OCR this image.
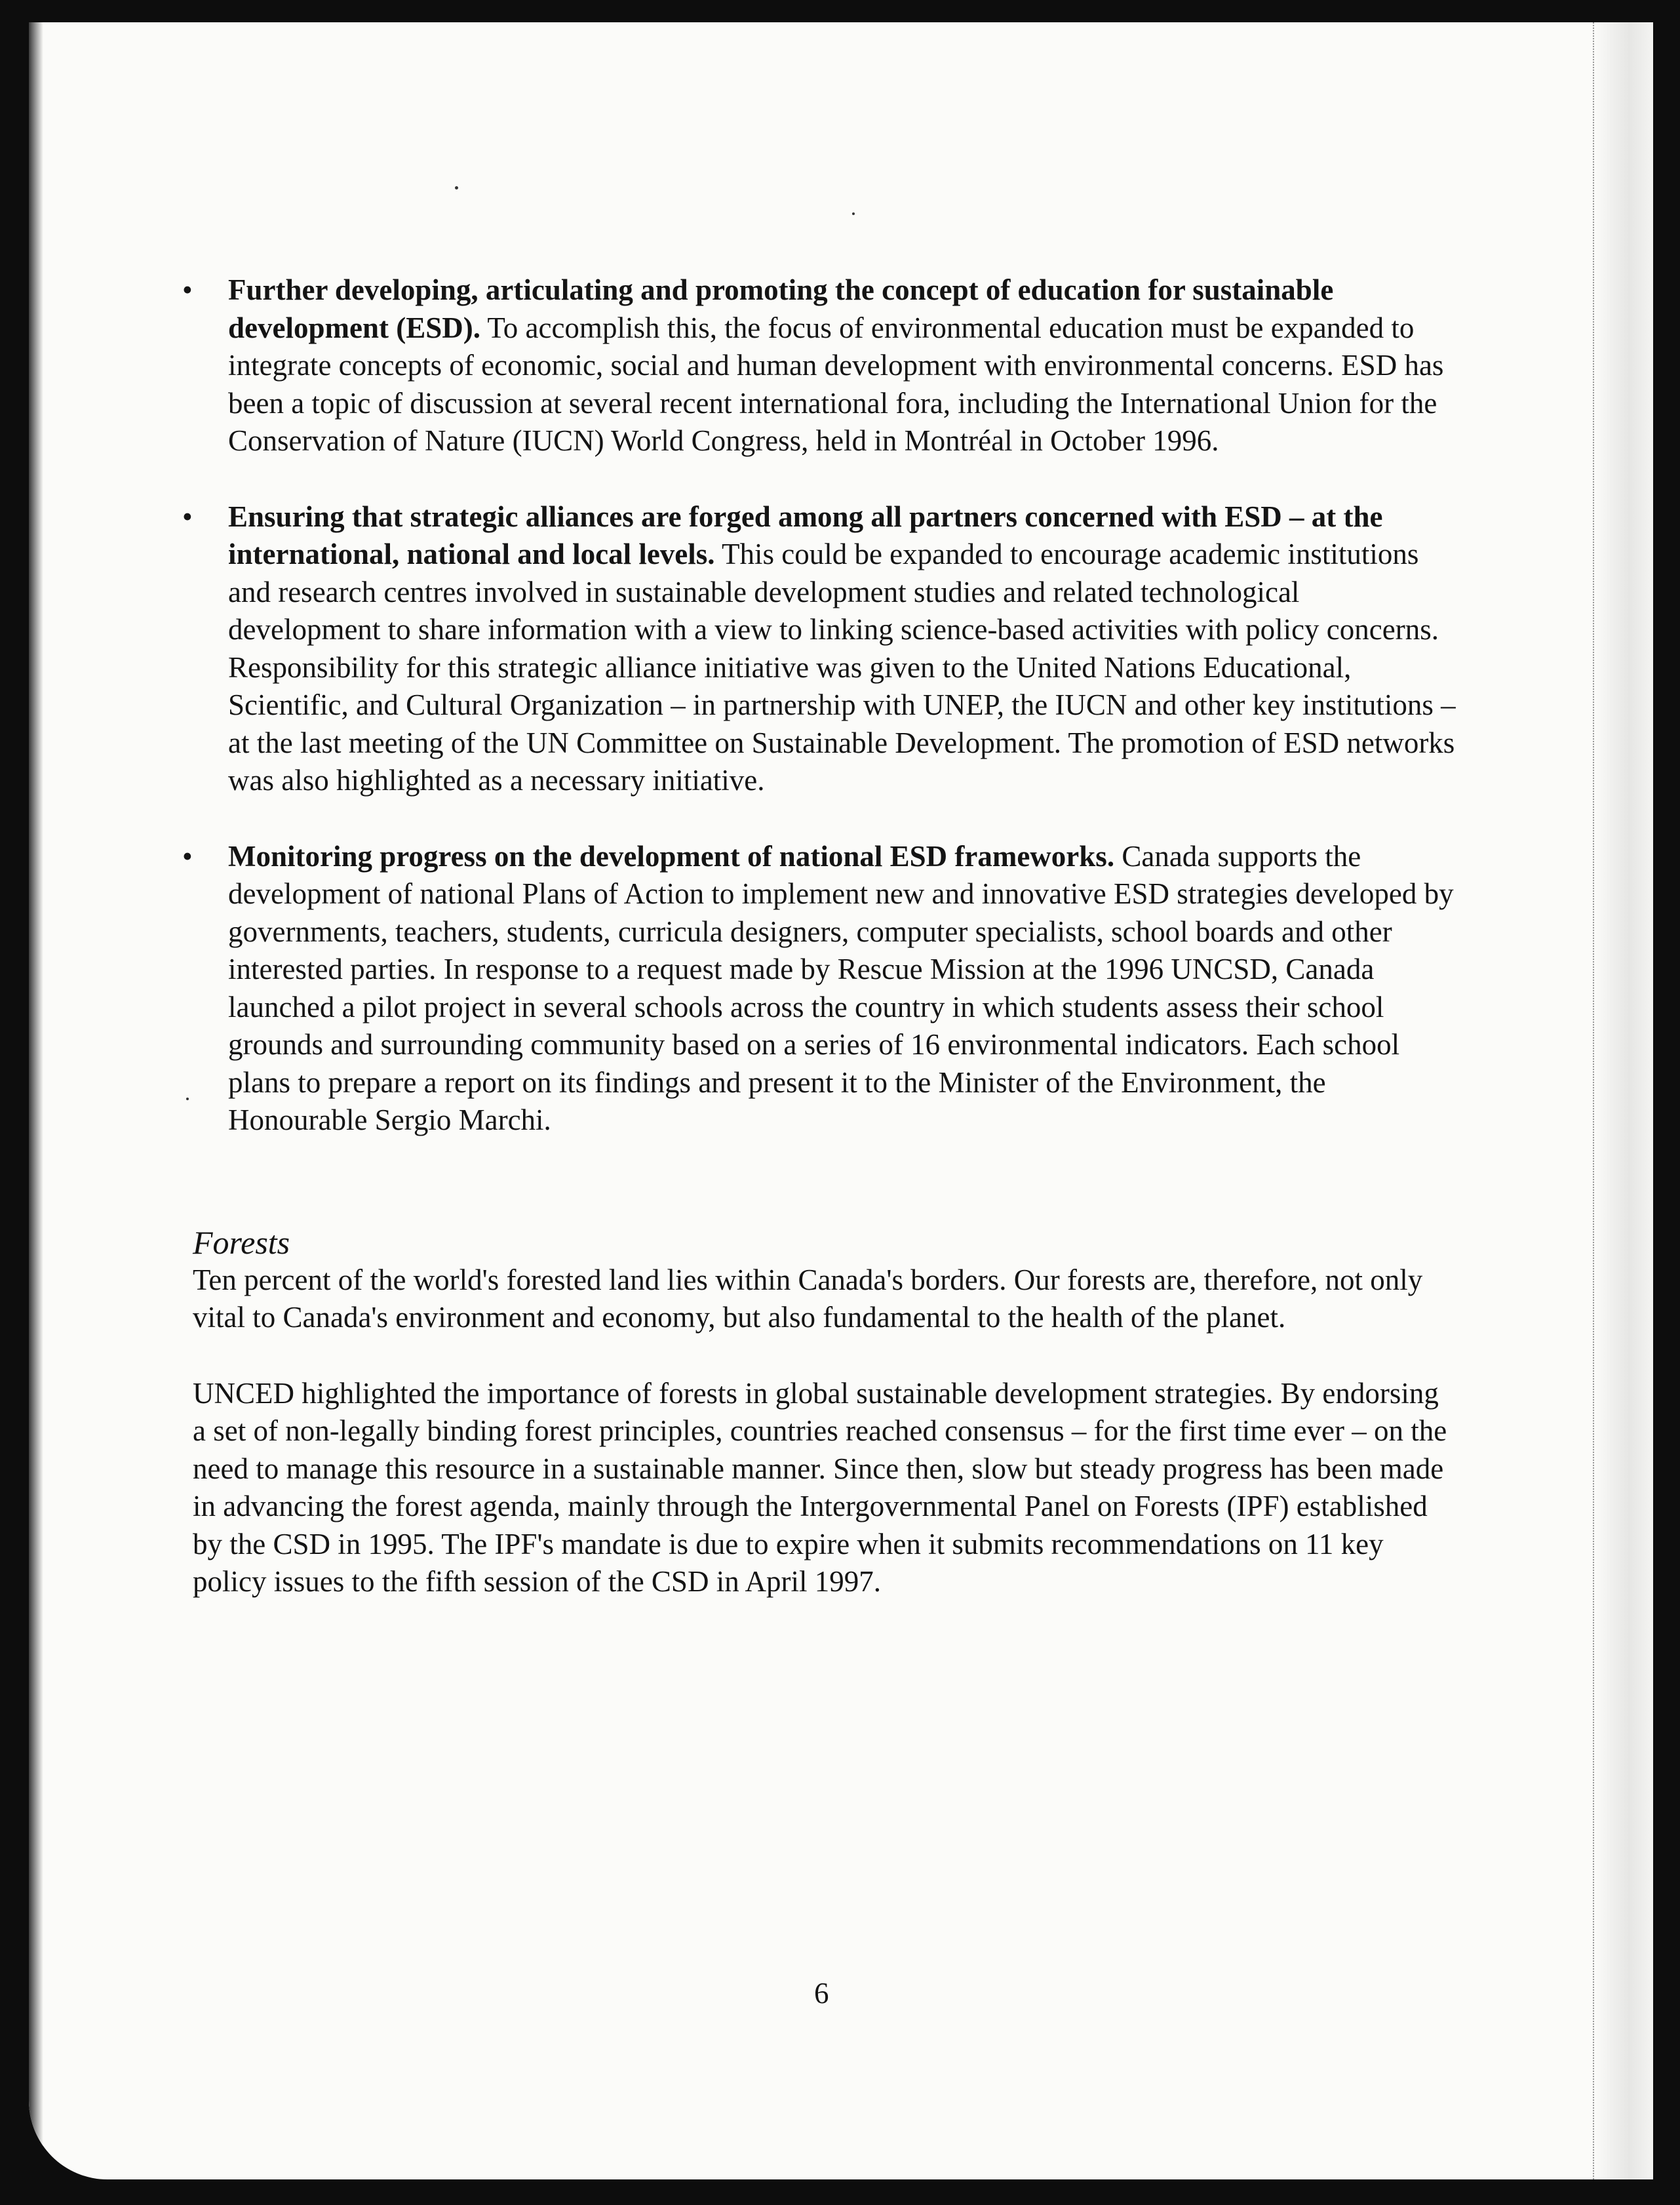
• Further developing, articulating and promoting the concept of education for sustainable development (ESD). To accomplish this, the focus of environmental education must be expanded to integrate concepts of economic, social and human development with environmental concerns. ESD has been a topic of discussion at several recent international fora, including the International Union for the Conservation of Nature (IUCN) World Congress, held in Montréal in October 1996.
• Ensuring that strategic alliances are forged among all partners concerned with ESD – at the international, national and local levels. This could be expanded to encourage academic institutions and research centres involved in sustainable development studies and related technological development to share information with a view to linking science-based activities with policy concerns. Responsibility for this strategic alliance initiative was given to the United Nations Educational, Scientific, and Cultural Organization – in partnership with UNEP, the IUCN and other key institutions – at the last meeting of the UN Committee on Sustainable Development. The promotion of ESD networks was also highlighted as a necessary initiative.
• Monitoring progress on the development of national ESD frameworks. Canada supports the development of national Plans of Action to implement new and innovative ESD strategies developed by governments, teachers, students, curricula designers, computer specialists, school boards and other interested parties. In response to a request made by Rescue Mission at the 1996 UNCSD, Canada launched a pilot project in several schools across the country in which students assess their school grounds and surrounding community based on a series of 16 environmental indicators. Each school plans to prepare a report on its findings and present it to the Minister of the Environment, the Honourable Sergio Marchi.
Forests

Ten percent of the world's forested land lies within Canada's borders. Our forests are, therefore, not only vital to Canada's environment and economy, but also fundamental to the health of the planet.

UNCED highlighted the importance of forests in global sustainable development strategies. By endorsing a set of non-legally binding forest principles, countries reached consensus – for the first time ever – on the need to manage this resource in a sustainable manner. Since then, slow but steady progress has been made in advancing the forest agenda, mainly through the Intergovernmental Panel on Forests (IPF) established by the CSD in 1995. The IPF's mandate is due to expire when it submits recommendations on 11 key policy issues to the fifth session of the CSD in April 1997.

6
